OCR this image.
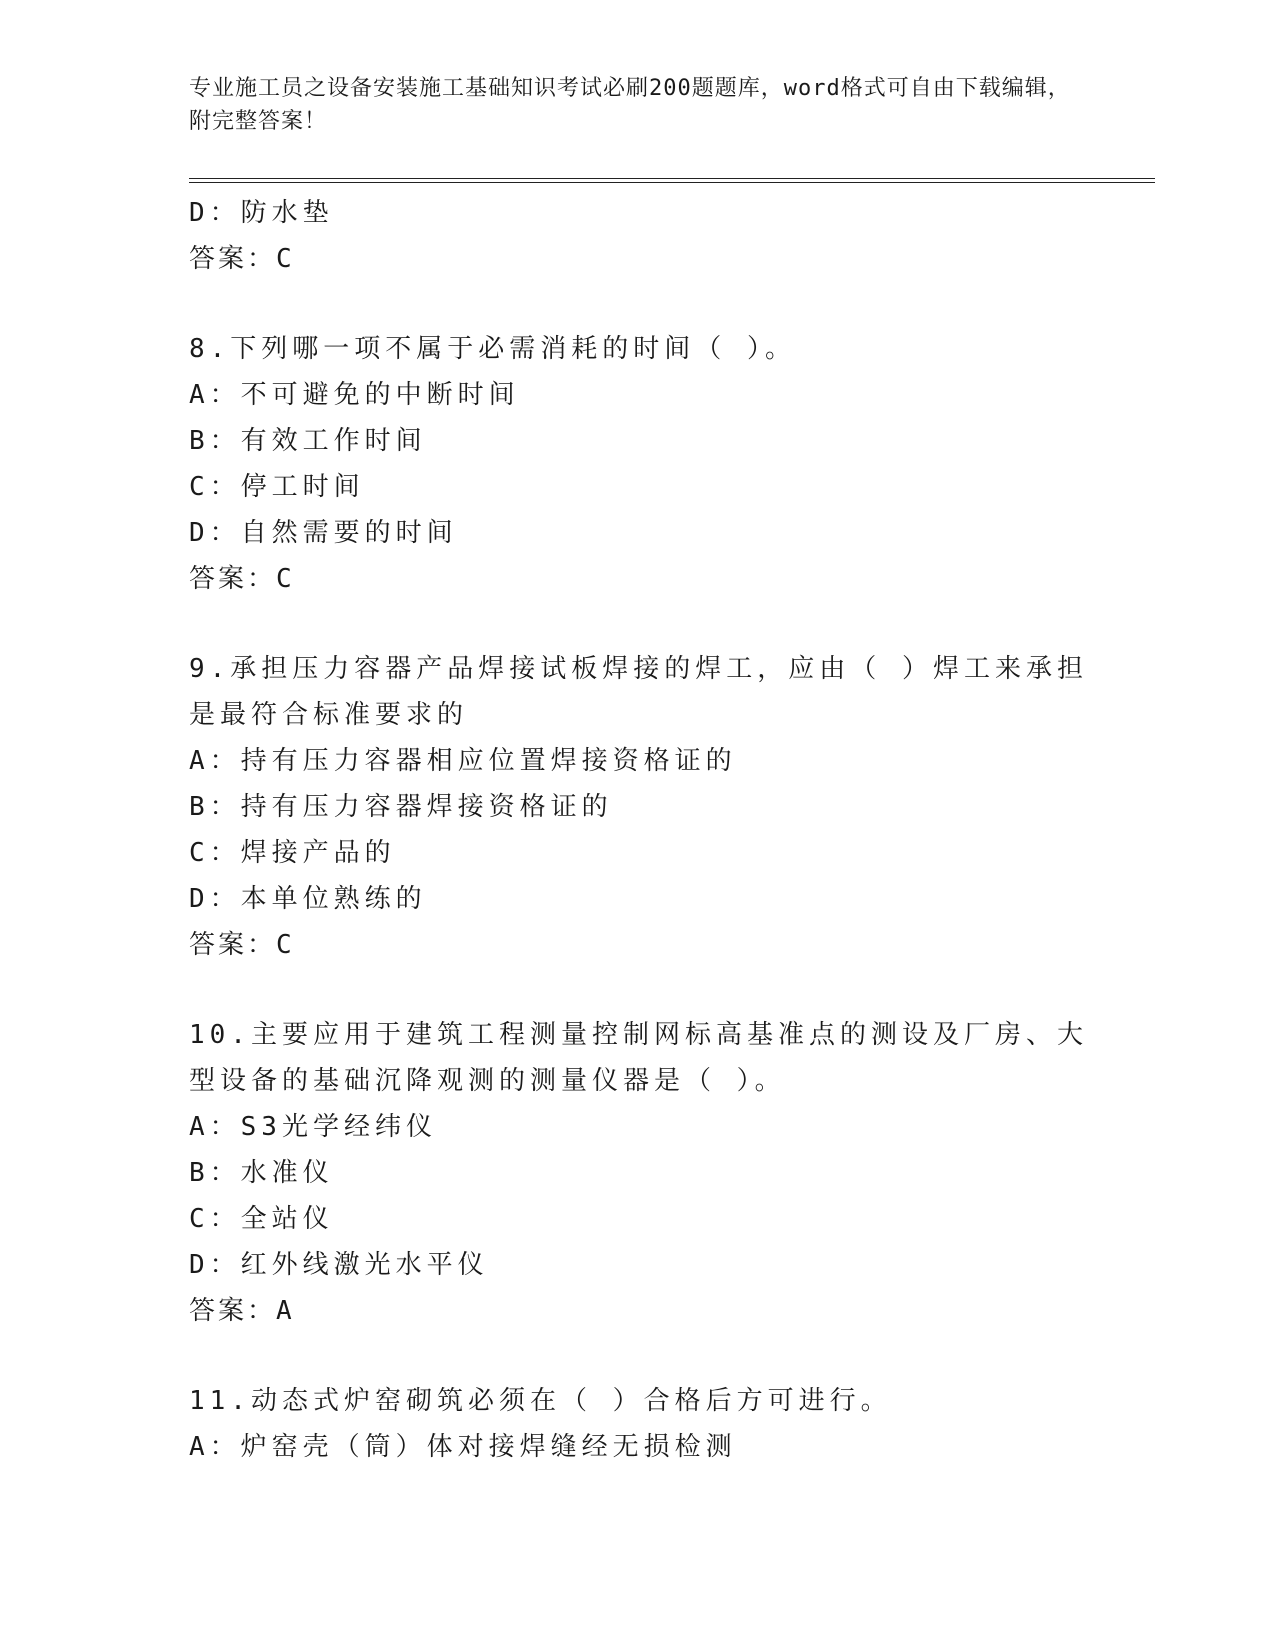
专业施工员之设备安装施工基础知识考试必刷200题题库，word格式可自由下载编辑，附完整答案！
D：防水垫
答案：C
8.下列哪一项不属于必需消耗的时间（ ）。
A：不可避免的中断时间
B：有效工作时间
C：停工时间
D：自然需要的时间
答案：C
9.承担压力容器产品焊接试板焊接的焊工，应由（ ）焊工来承担是最符合标准要求的
A：持有压力容器相应位置焊接资格证的
B：持有压力容器焊接资格证的
C：焊接产品的
D：本单位熟练的
答案：C
10.主要应用于建筑工程测量控制网标高基准点的测设及厂房、大型设备的基础沉降观测的测量仪器是（ ）。
A：S3光学经纬仪
B：水准仪
C：全站仪
D：红外线激光水平仪
答案：A
11.动态式炉窑砌筑必须在（ ）合格后方可进行。
A：炉窑壳（筒）体对接焊缝经无损检测
